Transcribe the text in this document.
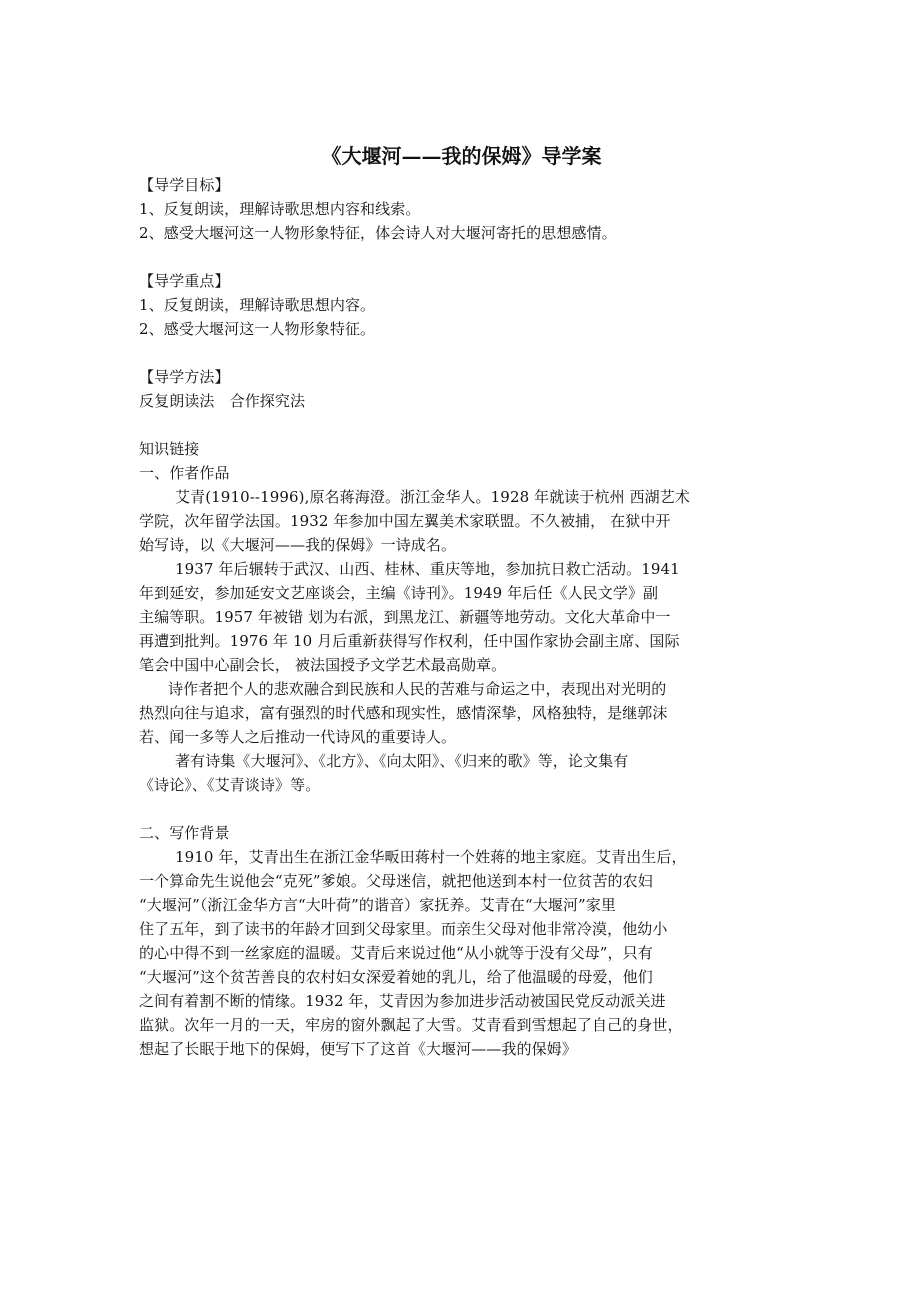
《大堰河——我的保姆》导学案
【导学目标】
1、反复朗读，理解诗歌思想内容和线索。
2、感受大堰河这一人物形象特征，体会诗人对大堰河寄托的思想感情。
【导学重点】
1、反复朗读，理解诗歌思想内容。
2、感受大堰河这一人物形象特征。
【导学方法】
反复朗读法　合作探究法
知识链接
一、作者作品
艾青(1910--1996),原名蒋海澄。浙江金华人。1928 年就读于杭州 西湖艺术
学院，次年留学法国。1932 年参加中国左翼美术家联盟。不久被捕， 在狱中开
始写诗，以《大堰河——我的保姆》一诗成名。
1937 年后辗转于武汉、山西、桂林、重庆等地，参加抗日救亡活动。1941
年到延安，参加延安文艺座谈会，主编《诗刊》。1949 年后任《人民文学》副
主编等职。1957 年被错 划为右派，到黑龙江、新疆等地劳动。文化大革命中一
再遭到批判。1976 年 10 月后重新获得写作权利，任中国作家协会副主席、国际
笔会中国中心副会长， 被法国授予文学艺术最高勋章。
诗作者把个人的悲欢融合到民族和人民的苦难与命运之中，表现出对光明的
热烈向往与追求，富有强烈的时代感和现实性，感情深挚，风格独特，是继郭沫
若、闻一多等人之后推动一代诗风的重要诗人。
著有诗集《大堰河》、《北方》、《向太阳》、《归来的歌》等，论文集有
《诗论》、《艾青谈诗》等。
二、写作背景
1910 年，艾青出生在浙江金华畈田蒋村一个姓蒋的地主家庭。艾青出生后，
一个算命先生说他会“克死”爹娘。父母迷信，就把他送到本村一位贫苦的农妇
“大堰河”（浙江金华方言“大叶荷”的谐音）家抚养。艾青在“大堰河”家里
住了五年，到了读书的年龄才回到父母家里。而亲生父母对他非常冷漠，他幼小
的心中得不到一丝家庭的温暖。艾青后来说过他“从小就等于没有父母”，只有
“大堰河”这个贫苦善良的农村妇女深爱着她的乳儿，给了他温暖的母爱，他们
之间有着割不断的情缘。1932 年，艾青因为参加进步活动被国民党反动派关进
监狱。次年一月的一天，牢房的窗外飘起了大雪。艾青看到雪想起了自己的身世，
想起了长眠于地下的保姆，便写下了这首《大堰河——我的保姆》
